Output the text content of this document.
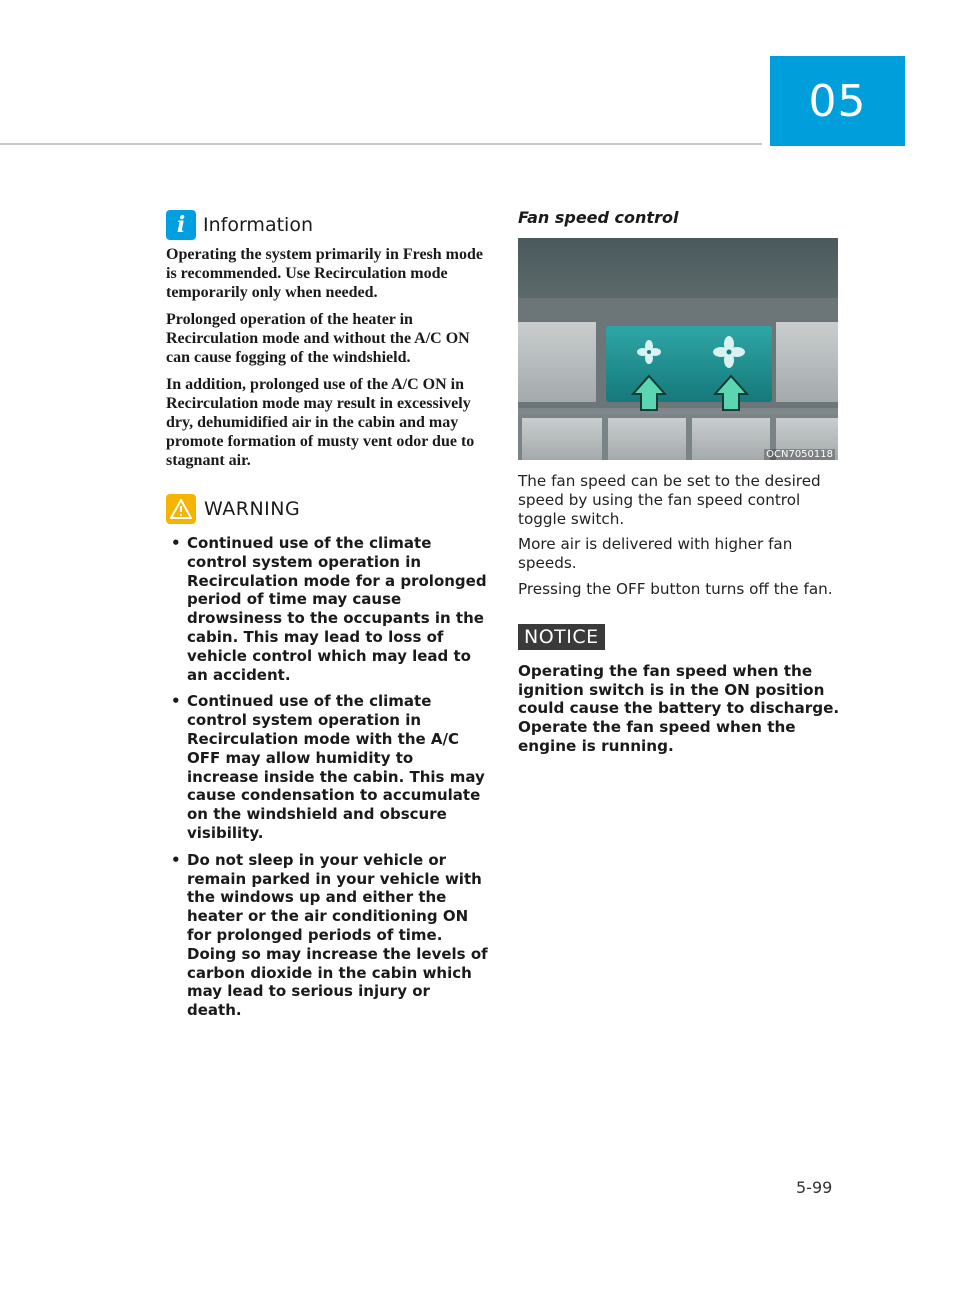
05
i Information

Operating the system primarily in Fresh mode is recommended. Use Recirculation mode temporarily only when needed.

Prolonged operation of the heater in Recirculation mode and without the A/C ON can cause fogging of the windshield.

In addition, prolonged use of the A/C ON in Recirculation mode may result in excessively dry, dehumidified air in the cabin and may promote formation of musty vent odor due to stagnant air.

WARNING
• Continued use of the climate control system operation in Recirculation mode for a prolonged period of time may cause drowsiness to the occupants in the cabin. This may lead to loss of vehicle control which may lead to an accident.
• Continued use of the climate control system operation in Recirculation mode with the A/C OFF may allow humidity to increase inside the cabin. This may cause condensation to accumulate on the windshield and obscure visibility.
• Do not sleep in your vehicle or remain parked in your vehicle with the windows up and either the heater or the air conditioning ON for prolonged periods of time. Doing so may increase the levels of carbon dioxide in the cabin which may lead to serious injury or death.
Fan speed control
OCN7050118

The fan speed can be set to the desired speed by using the fan speed control toggle switch.

More air is delivered with higher fan speeds.

Pressing the OFF button turns off the fan.

NOTICE
Operating the fan speed when the ignition switch is in the ON position could cause the battery to discharge. Operate the fan speed when the engine is running.
5-99
